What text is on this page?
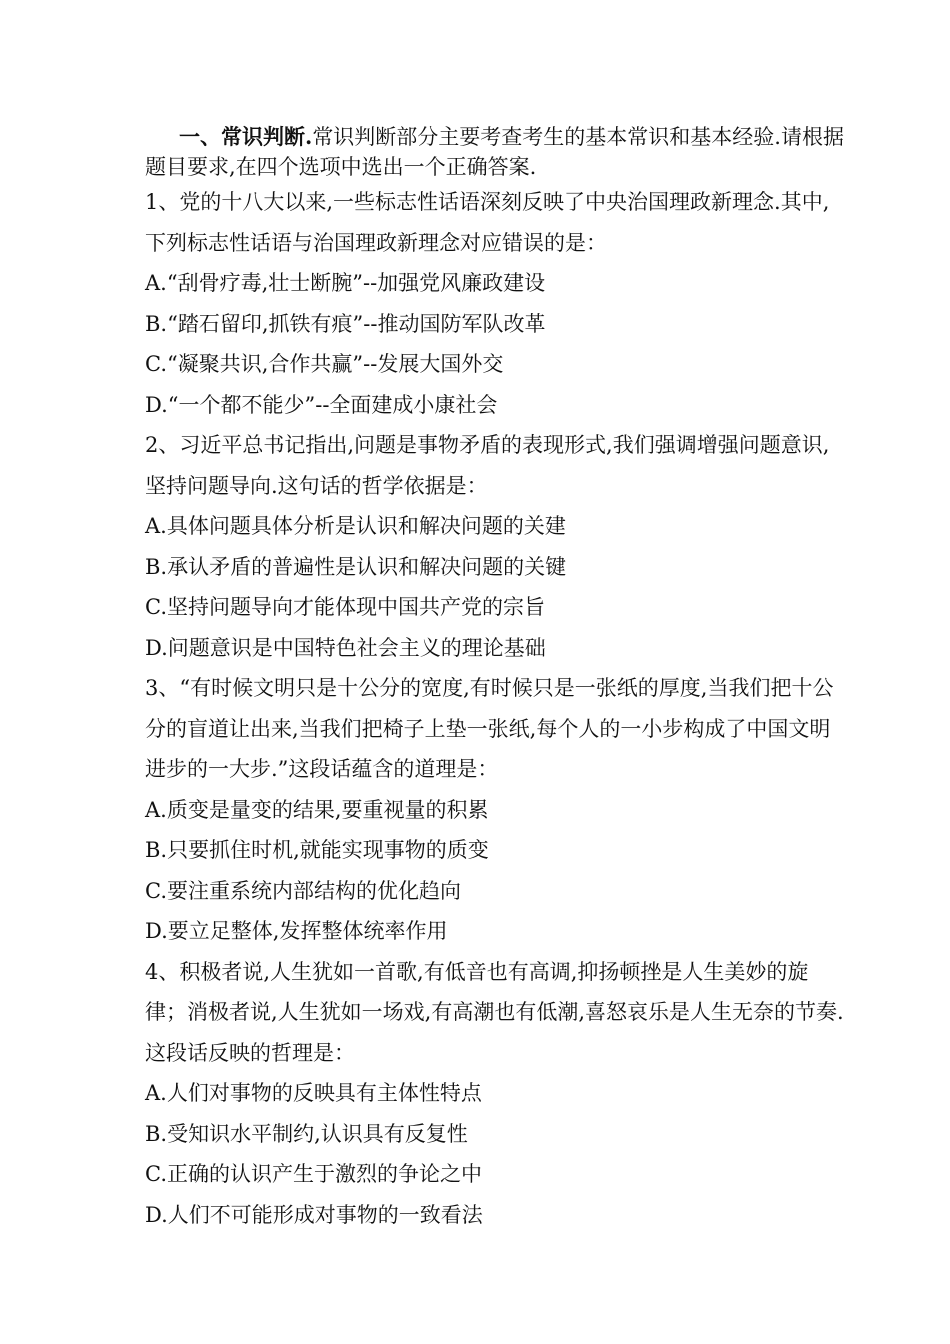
一、常识判断.常识判断部分主要考查考生的基本常识和基本经验.请根据题目要求,在四个选项中选出一个正确答案.

1、党的十八大以来,一些标志性话语深刻反映了中央治国理政新理念.其中,下列标志性话语与治国理政新理念对应错误的是：

A.“刮骨疗毒,壮士断腕”--加强党风廉政建设

B.“踏石留印,抓铁有痕”--推动国防军队改革

C.“凝聚共识,合作共赢”--发展大国外交

D.“一个都不能少”--全面建成小康社会

2、习近平总书记指出,问题是事物矛盾的表现形式,我们强调增强问题意识,坚持问题导向.这句话的哲学依据是：

A.具体问题具体分析是认识和解决问题的关建

B.承认矛盾的普遍性是认识和解决问题的关键

C.坚持问题导向才能体现中国共产党的宗旨

D.问题意识是中国特色社会主义的理论基础

3、“有时候文明只是十公分的宽度,有时候只是一张纸的厚度,当我们把十公分的盲道让出来,当我们把椅子上垫一张纸,每个人的一小步构成了中国文明进步的一大步.”这段话蕴含的道理是：

A.质变是量变的结果,要重视量的积累

B.只要抓住时机,就能实现事物的质变

C.要注重系统内部结构的优化趋向

D.要立足整体,发挥整体统率作用

4、积极者说,人生犹如一首歌,有低音也有高调,抑扬顿挫是人生美妙的旋律；消极者说,人生犹如一场戏,有高潮也有低潮,喜怒哀乐是人生无奈的节奏.这段话反映的哲理是：

A.人们对事物的反映具有主体性特点

B.受知识水平制约,认识具有反复性

C.正确的认识产生于激烈的争论之中

D.人们不可能形成对事物的一致看法
